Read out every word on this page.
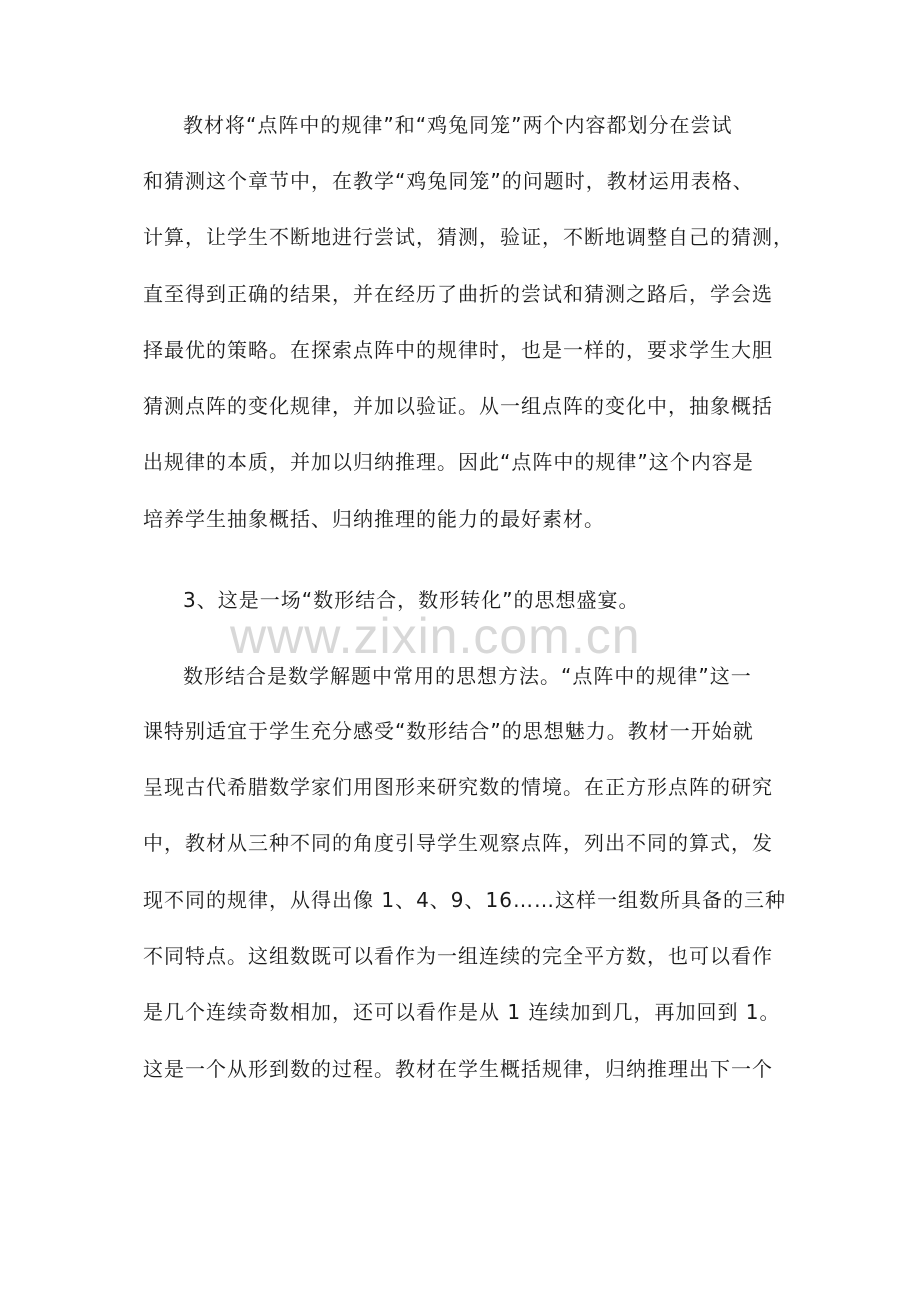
教材将“点阵中的规律”和“鸡兔同笼”两个内容都划分在尝试
和猜测这个章节中，在教学“鸡兔同笼”的问题时，教材运用表格、
计算，让学生不断地进行尝试，猜测，验证，不断地调整自己的猜测，
直至得到正确的结果，并在经历了曲折的尝试和猜测之路后，学会选
择最优的策略。在探索点阵中的规律时，也是一样的，要求学生大胆
猜测点阵的变化规律，并加以验证。从一组点阵的变化中，抽象概括
出规律的本质，并加以归纳推理。因此“点阵中的规律”这个内容是
培养学生抽象概括、归纳推理的能力的最好素材。
3、这是一场“数形结合，数形转化”的思想盛宴。
www.zixin.com.cn
数形结合是数学解题中常用的思想方法。“点阵中的规律”这一
课特别适宜于学生充分感受“数形结合”的思想魅力。教材一开始就
呈现古代希腊数学家们用图形来研究数的情境。在正方形点阵的研究
中，教材从三种不同的角度引导学生观察点阵，列出不同的算式，发
现不同的规律，从得出像 1、4、9、16……这样一组数所具备的三种
不同特点。这组数既可以看作为一组连续的完全平方数，也可以看作
是几个连续奇数相加，还可以看作是从 1 连续加到几，再加回到 1。
这是一个从形到数的过程。教材在学生概括规律，归纳推理出下一个
